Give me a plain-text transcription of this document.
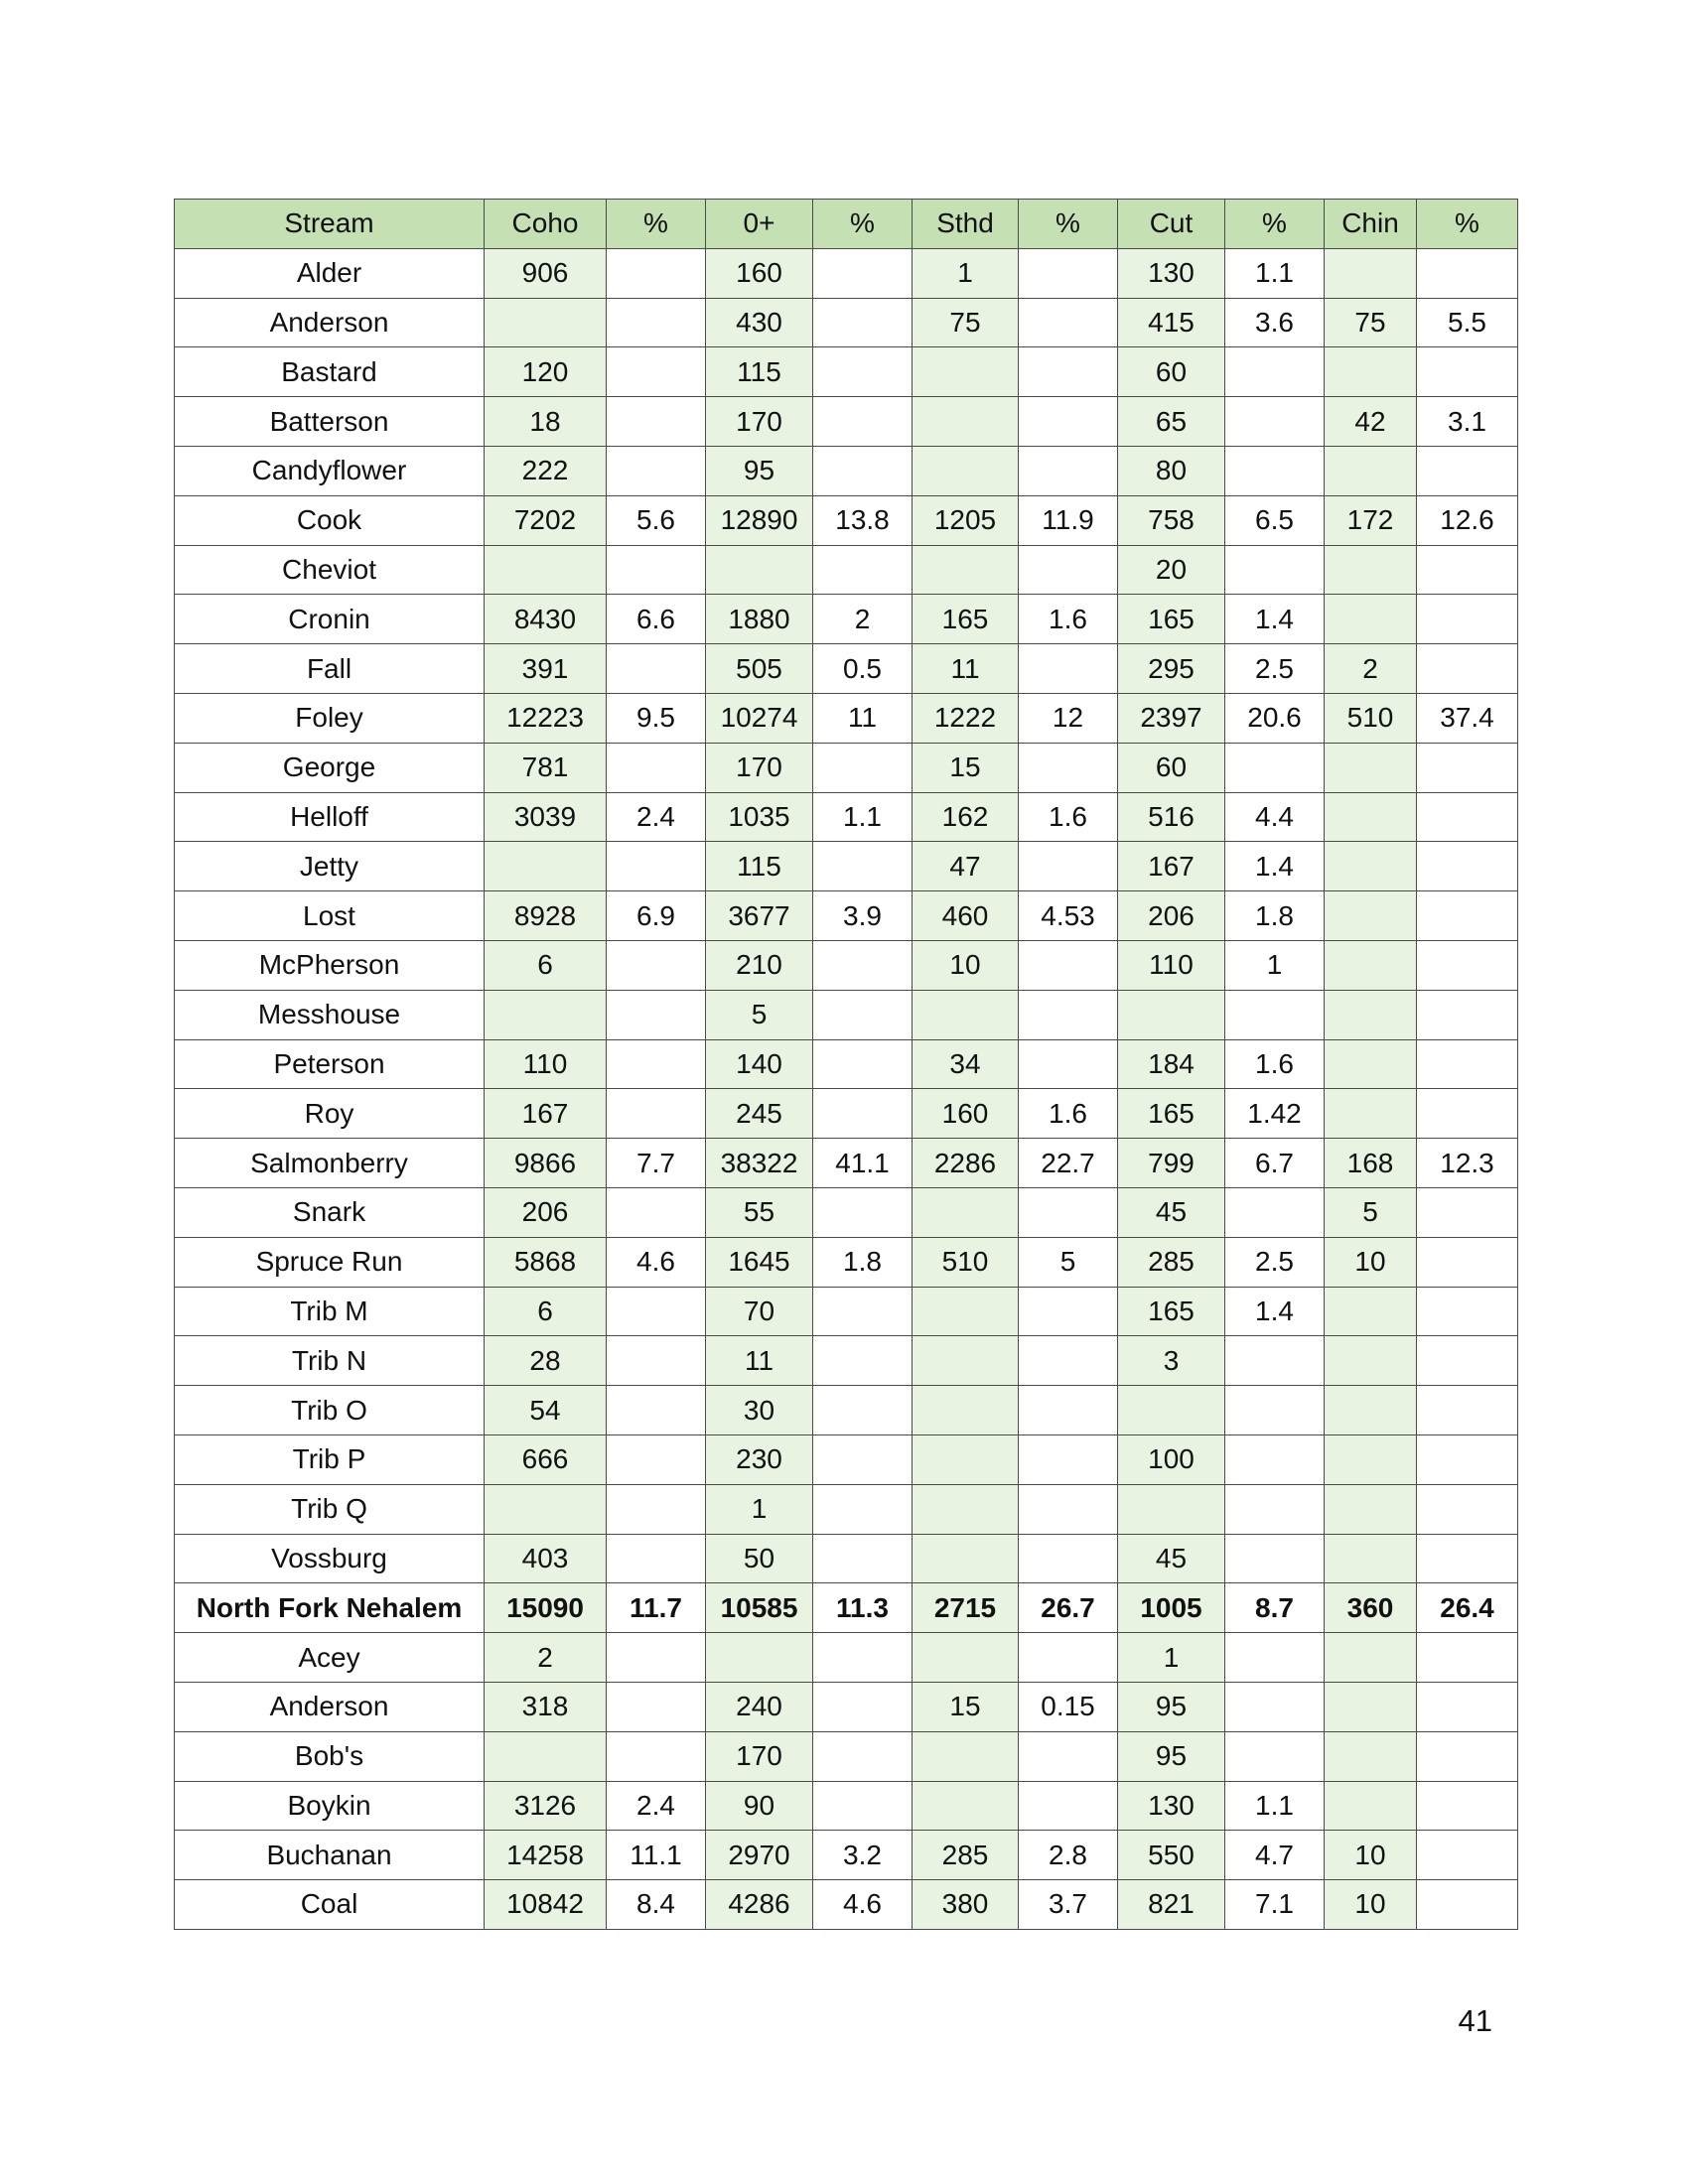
Stream	Coho	%	0+	%	Sthd	%	Cut	%	Chin	%
Alder	906		160		1		130	1.1		
Anderson			430		75		415	3.6	75	5.5
Bastard	120		115				60			
Batterson	18		170				65		42	3.1
Candyflower	222		95				80			
Cook	7202	5.6	12890	13.8	1205	11.9	758	6.5	172	12.6
Cheviot							20			
Cronin	8430	6.6	1880	2	165	1.6	165	1.4		
Fall	391		505	0.5	11		295	2.5	2	
Foley	12223	9.5	10274	11	1222	12	2397	20.6	510	37.4
George	781		170		15		60			
Helloff	3039	2.4	1035	1.1	162	1.6	516	4.4		
Jetty			115		47		167	1.4		
Lost	8928	6.9	3677	3.9	460	4.53	206	1.8		
McPherson	6		210		10		110	1		
Messhouse			5							
Peterson	110		140		34		184	1.6		
Roy	167		245		160	1.6	165	1.42		
Salmonberry	9866	7.7	38322	41.1	2286	22.7	799	6.7	168	12.3
Snark	206		55				45		5	
Spruce Run	5868	4.6	1645	1.8	510	5	285	2.5	10	
Trib M	6		70				165	1.4		
Trib N	28		11				3			
Trib O	54		30							
Trib P	666		230				100			
Trib Q			1							
Vossburg	403		50				45			
North Fork Nehalem	15090	11.7	10585	11.3	2715	26.7	1005	8.7	360	26.4
Acey	2						1			
Anderson	318		240		15	0.15	95			
Bob's			170				95			
Boykin	3126	2.4	90				130	1.1		
Buchanan	14258	11.1	2970	3.2	285	2.8	550	4.7	10	
Coal	10842	8.4	4286	4.6	380	3.7	821	7.1	10	
41
